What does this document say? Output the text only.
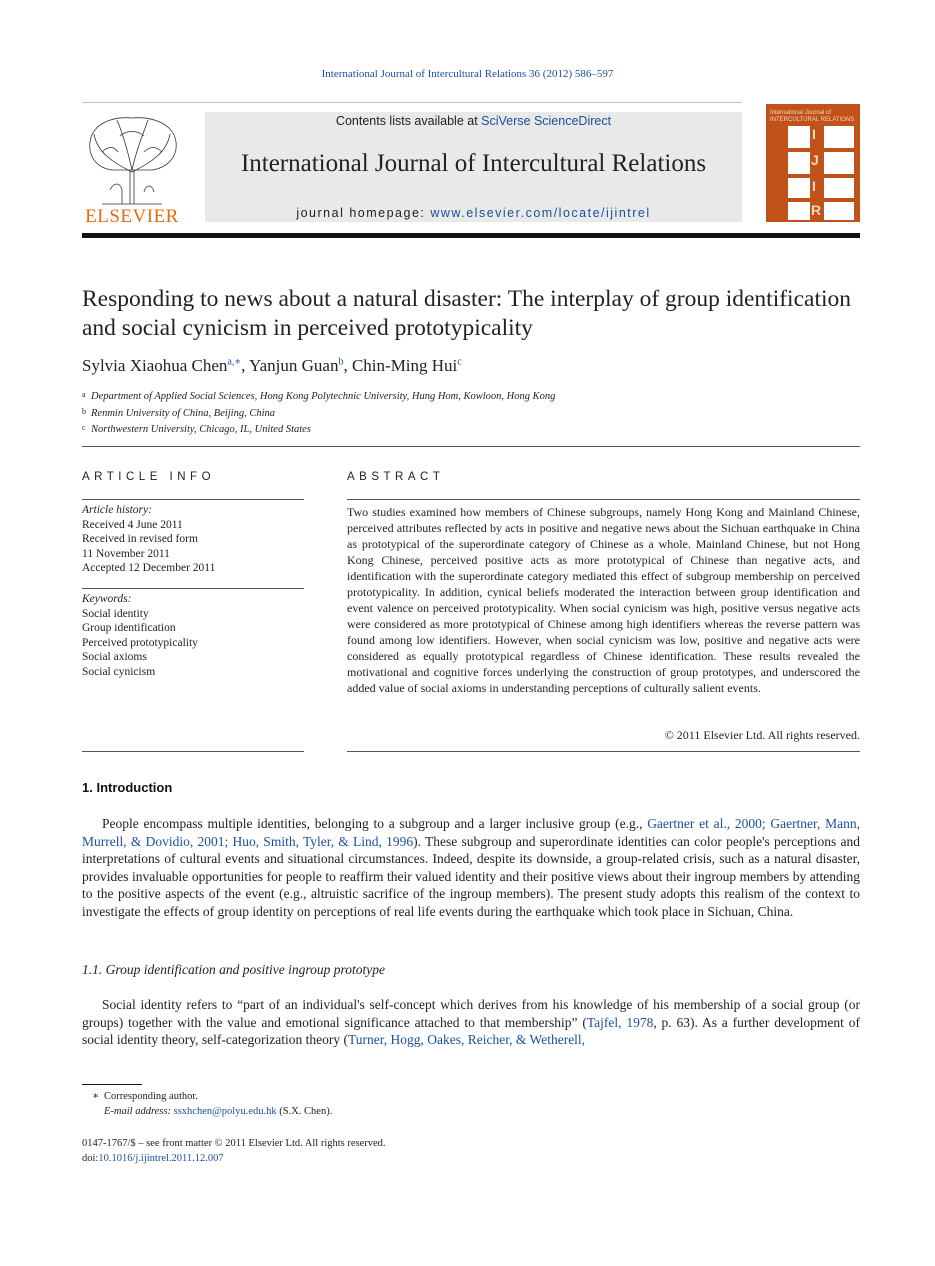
International Journal of Intercultural Relations 36 (2012) 586–597
ELSEVIER
Contents lists available at SciVerse ScienceDirect
International Journal of Intercultural Relations
journal homepage: www.elsevier.com/locate/ijintrel
I
J
I
R
International Journal of INTERCULTURAL RELATIONS
Responding to news about a natural disaster: The interplay of group identification and social cynicism in perceived prototypicality
Sylvia Xiaohua Chen$^{a,∗}$, Yanjun Guan$^b$, Chin-Ming Hui$^c$
a Department of Applied Social Sciences, Hong Kong Polytechnic University, Hung Hom, Kowloon, Hong Kong
b Renmin University of China, Beijing, China
c Northwestern University, Chicago, IL, United States
ARTICLE INFO
Article history:
Received 4 June 2011
Received in revised form
11 November 2011
Accepted 12 December 2011
Keywords:
Social identity
Group identification
Perceived prototypicality
Social axioms
Social cynicism
ABSTRACT
Two studies examined how members of Chinese subgroups, namely Hong Kong and Mainland Chinese, perceived attributes reflected by acts in positive and negative news about the Sichuan earthquake in China as prototypical of the superordinate category of Chinese as a whole. Mainland Chinese, but not Hong Kong Chinese, perceived positive acts as more prototypical of Chinese than negative acts, and identification with the superordinate category mediated this effect of subgroup membership on perceived prototypicality. In addition, cynical beliefs moderated the interaction between group identification and event valence on perceived prototypicality. When social cynicism was high, positive versus negative acts were considered as more prototypical of Chinese among high identifiers whereas the reverse pattern was found among low identifiers. However, when social cynicism was low, positive and negative acts were considered as equally prototypical regardless of Chinese identification. These results revealed the motivational and cognitive forces underlying the construction of group prototypes, and underscored the added value of social axioms in understanding perceptions of culturally salient events.
© 2011 Elsevier Ltd. All rights reserved.
1. Introduction
People encompass multiple identities, belonging to a subgroup and a larger inclusive group (e.g., Gaertner et al., 2000; Gaertner, Mann, Murrell, & Dovidio, 2001; Huo, Smith, Tyler, & Lind, 1996). These subgroup and superordinate identities can color people's perceptions and interpretations of cultural events and situational circumstances. Indeed, despite its downside, a group-related crisis, such as a natural disaster, provides invaluable opportunities for people to reaffirm their valued identity and their positive views about their ingroup members by attending to the positive aspects of the event (e.g., altruistic sacrifice of the ingroup members). The present study adopts this realism of the context to investigate the effects of group identity on perceptions of real life events during the earthquake which took place in Sichuan, China.
1.1. Group identification and positive ingroup prototype
Social identity refers to “part of an individual's self-concept which derives from his knowledge of his membership of a social group (or groups) together with the value and emotional significance attached to that membership” (Tajfel, 1978, p. 63). As a further development of social identity theory, self-categorization theory (Turner, Hogg, Oakes, Reicher, & Wetherell,
∗ Corresponding author.
E-mail address: ssxhchen@polyu.edu.hk (S.X. Chen).
0147-1767/$ – see front matter © 2011 Elsevier Ltd. All rights reserved.
doi:10.1016/j.ijintrel.2011.12.007
